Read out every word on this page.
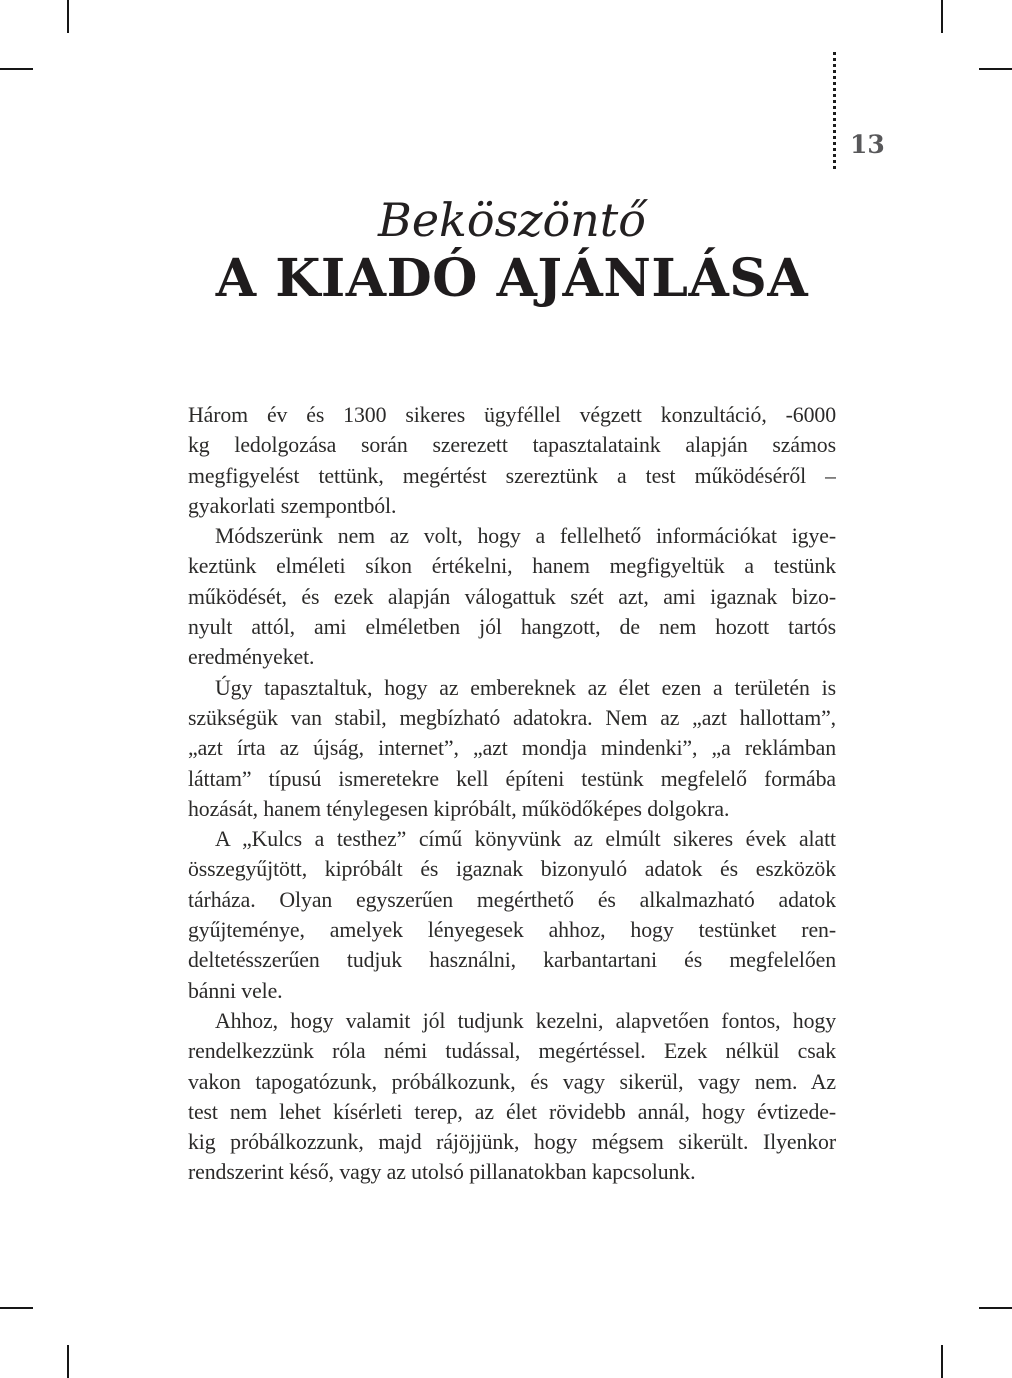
13
Beköszöntő
A KIADÓ AJÁNLÁSA
Három év és 1300 sikeres ügyféllel végzett konzultáció, -6000
kg ledolgozása során szerezett tapasztalataink alapján számos
megfigyelést tettünk, megértést szereztünk a test működéséről –
gyakorlati szempontból.
Módszerünk nem az volt, hogy a fellelhető információkat igye-
keztünk elméleti síkon értékelni, hanem megfigyeltük a testünk
működését, és ezek alapján válogattuk szét azt, ami igaznak bizo-
nyult attól, ami elméletben jól hangzott, de nem hozott tartós
eredményeket.
Úgy tapasztaltuk, hogy az embereknek az élet ezen a területén is
szükségük van stabil, megbízható adatokra. Nem az „azt hallottam”,
„azt írta az újság, internet”, „azt mondja mindenki”, „a reklámban
láttam” típusú ismeretekre kell építeni testünk megfelelő formába
hozását, hanem ténylegesen kipróbált, működőképes dolgokra.
A „Kulcs a testhez” című könyvünk az elmúlt sikeres évek alatt
összegyűjtött, kipróbált és igaznak bizonyuló adatok és eszközök
tárháza. Olyan egyszerűen megérthető és alkalmazható adatok
gyűjteménye, amelyek lényegesek ahhoz, hogy testünket ren-
deltetésszerűen tudjuk használni, karbantartani és megfelelően
bánni vele.
Ahhoz, hogy valamit jól tudjunk kezelni, alapvetően fontos, hogy
rendelkezzünk róla némi tudással, megértéssel. Ezek nélkül csak
vakon tapogatózunk, próbálkozunk, és vagy sikerül, vagy nem. Az
test nem lehet kísérleti terep, az élet rövidebb annál, hogy évtizede-
kig próbálkozzunk, majd rájöjjünk, hogy mégsem sikerült. Ilyenkor
rendszerint késő, vagy az utolsó pillanatokban kapcsolunk.
